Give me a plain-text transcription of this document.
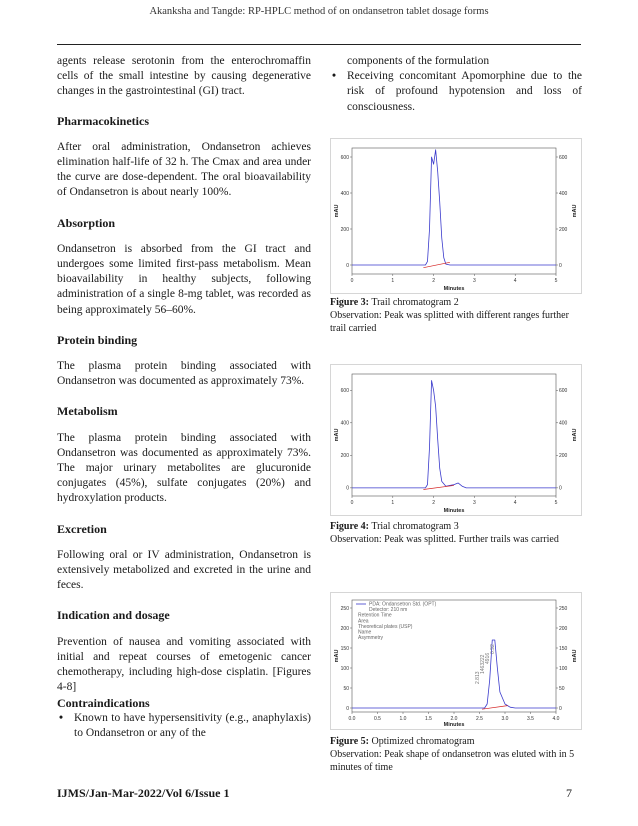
Akanksha and Tangde: RP-HPLC method of on ondansetron tablet dosage forms

agents release serotonin from the enterochromaffin cells of the small intestine by causing degenerative changes in the gastrointestinal (GI) tract.

Pharmacokinetics

After oral administration, Ondansetron achieves elimination half-life of 32 h. The Cmax and area under the curve are dose-dependent. The oral bioavailability of Ondansetron is about nearly 100%.

Absorption

Ondansetron is absorbed from the GI tract and undergoes some limited first-pass metabolism. Mean bioavailability in healthy subjects, following administration of a single 8-mg tablet, was recorded as being approximately 56–60%.

Protein binding

The plasma protein binding associated with Ondansetron was documented as approximately 73%.

Metabolism

The plasma protein binding associated with Ondansetron was documented as approximately 73%. The major urinary metabolites are glucuronide conjugates (45%), sulfate conjugates (20%) and hydroxylation products.

Excretion

Following oral or IV administration, Ondansetron is extensively metabolized and excreted in the urine and feces.

Indication and dosage

Prevention of nausea and vomiting associated with initial and repeat courses of emetogenic cancer chemotherapy, including high-dose cisplatin. [Figures 4-8]

Contraindications
• Known to have hypersensitivity (e.g., anaphylaxis) to Ondansetron or any of the

components of the formulation

• Receiving concomitant Apomorphine due to the risk of profound hypotension and loss of consciousness.
0	1	2	3	4	5
0
200
400
600
0
200
400
600
Minutes
mAU	mAU
Figure 3: Trail chromatogram 2
Observation: Peak was splitted with different ranges further trail carried
0	1	2	3	4	5
0
200
400
600
0
200
400
600
Minutes
mAU	mAU
Figure 4: Trial chromatogram 3
Observation: Peak was splitted. Further trails was carried
0.0	0.5	1.0	1.5	2.0	2.5	3.0	3.5	4.0
0
50
100
150
200
250
0
50
100
150
200
250
Minutes
mAU	mAU
PDA: Ondansetron Std. (OPT)
Detector: 210 nm
Retention Time
Area
Theoretical plates (USP)
Name
Asymmetry
2.813
1463222 4916
0.92
Figure 5: Optimized chromatogram
Observation: Peak shape of ondansetron was eluted with in 5 minutes of time
IJMS/Jan-Mar-2022/Vol 6/Issue 1	7
